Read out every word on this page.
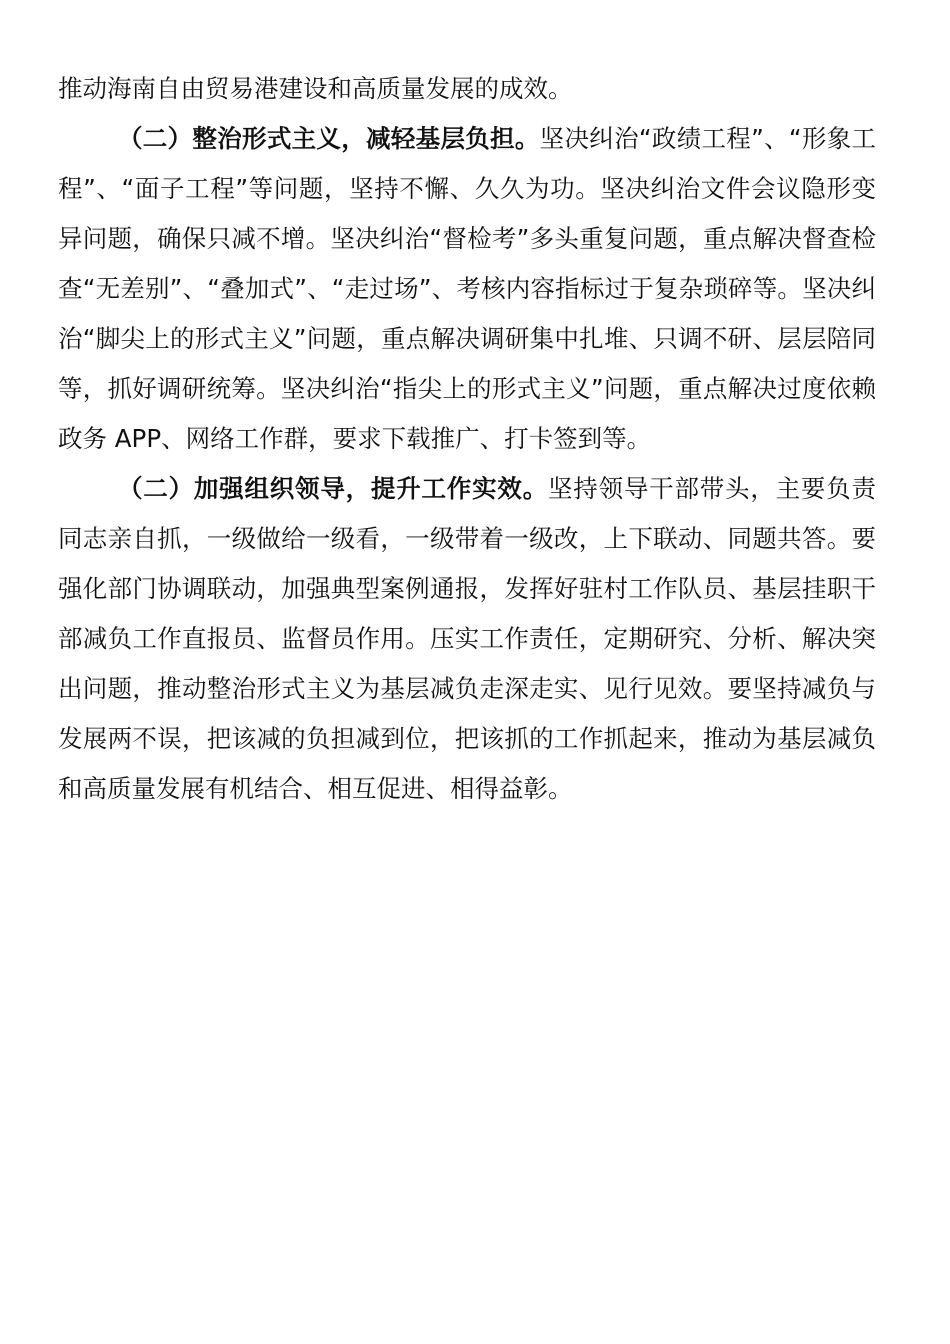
推动海南自由贸易港建设和高质量发展的成效。

（二）整治形式主义，减轻基层负担。坚决纠治“政绩工程”、“形象工程”、“面子工程”等问题，坚持不懈、久久为功。坚决纠治文件会议隐形变异问题，确保只减不增。坚决纠治“督检考”多头重复问题，重点解决督查检查“无差别”、“叠加式”、“走过场”、考核内容指标过于复杂琐碎等。坚决纠治“脚尖上的形式主义”问题，重点解决调研集中扎堆、只调不研、层层陪同等，抓好调研统筹。坚决纠治“指尖上的形式主义”问题，重点解决过度依赖政务 APP、网络工作群，要求下载推广、打卡签到等。

（二）加强组织领导，提升工作实效。坚持领导干部带头，主要负责同志亲自抓，一级做给一级看，一级带着一级改，上下联动、同题共答。要强化部门协调联动，加强典型案例通报，发挥好驻村工作队员、基层挂职干部减负工作直报员、监督员作用。压实工作责任，定期研究、分析、解决突出问题，推动整治形式主义为基层减负走深走实、见行见效。要坚持减负与发展两不误，把该减的负担减到位，把该抓的工作抓起来，推动为基层减负和高质量发展有机结合、相互促进、相得益彰。
